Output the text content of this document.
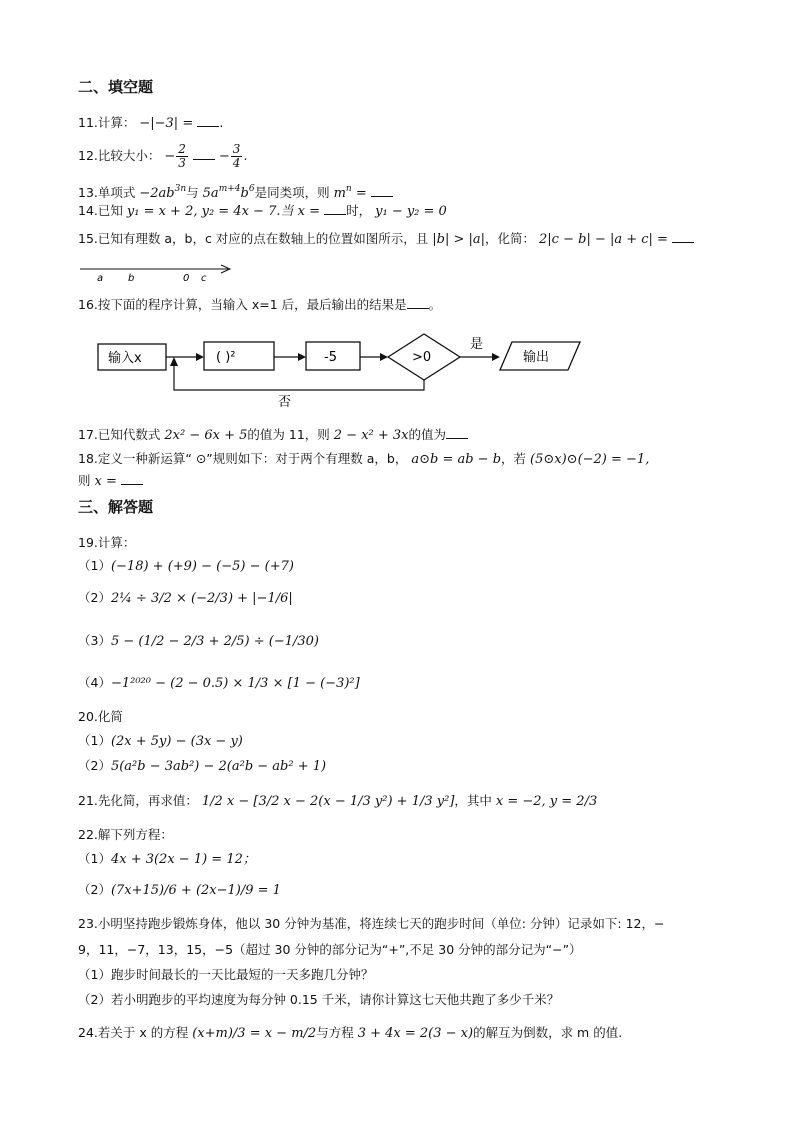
二、填空题
11.计算： −|−3| = .
12.比较大小： − $\frac{2}{3} - \frac{3}{4}$ .
13.单项式 $-2ab^{3n}$与 $5a^{m+4}b^6$是同类项，则 $m^n$ =
14.已知 y₁ = x + 2, y₂ = 4x − 7.当 x = 时， y₁ − y₂ = 0
15.已知有理数 a，b，c 对应的点在数轴上的位置如图所示，且 |b| > |a|，化简： 2|c − b| − |a + c| =
a b	0 c
16.按下面的程序计算，当输入 x=1 后，最后输出的结果是 。
输入x	( )²	-5	>0
是
输出
否
17.已知代数式 2x² − 6x + 5的值为 11，则 2 − x² + 3x的值为
18.定义一种新运算“ ⊙”规则如下：对于两个有理数 a，b， a⊙b = ab − b，若 (5⊙x)⊙(−2) = −1,
则 x =
三、解答题
19.计算：
（1）(−18) + (+9) − (−5) − (+7)
（2）2¼ ÷ 3/2 × (−2/3) + |−1/6|
（3）5 − (1/2 − 2/3 + 2/5) ÷ (−1/30)
（4）−1²⁰²⁰ − (2 − 0.5) × 1/3 × [1 − (−3)²]
20.化简
（1）(2x + 5y) − (3x − y)
（2）5(a²b − 3ab²) − 2(a²b − ab² + 1)
21.先化简，再求值： 1/2 x − [3/2 x − 2(x − 1/3 y²) + 1/3 y²]，其中 x = −2, y = 2/3
22.解下列方程：
（1）4x + 3(2x − 1) = 12；
（2）(7x+15)/6 + (2x−1)/9 = 1
23.小明坚持跑步锻炼身体，他以 30 分钟为基准，将连续七天的跑步时间（单位: 分钟）记录如下: 12，−
9，11，−7，13，15，−5（超过 30 分钟的部分记为“+”,不足 30 分钟的部分记为“−”）
（1）跑步时间最长的一天比最短的一天多跑几分钟？
（2）若小明跑步的平均速度为每分钟 0.15 千米，请你计算这七天他共跑了多少千米？
24.若关于 x 的方程 (x+m)/3 = x − m/2与方程 3 + 4x = 2(3 − x)的解互为倒数，求 m 的值.
